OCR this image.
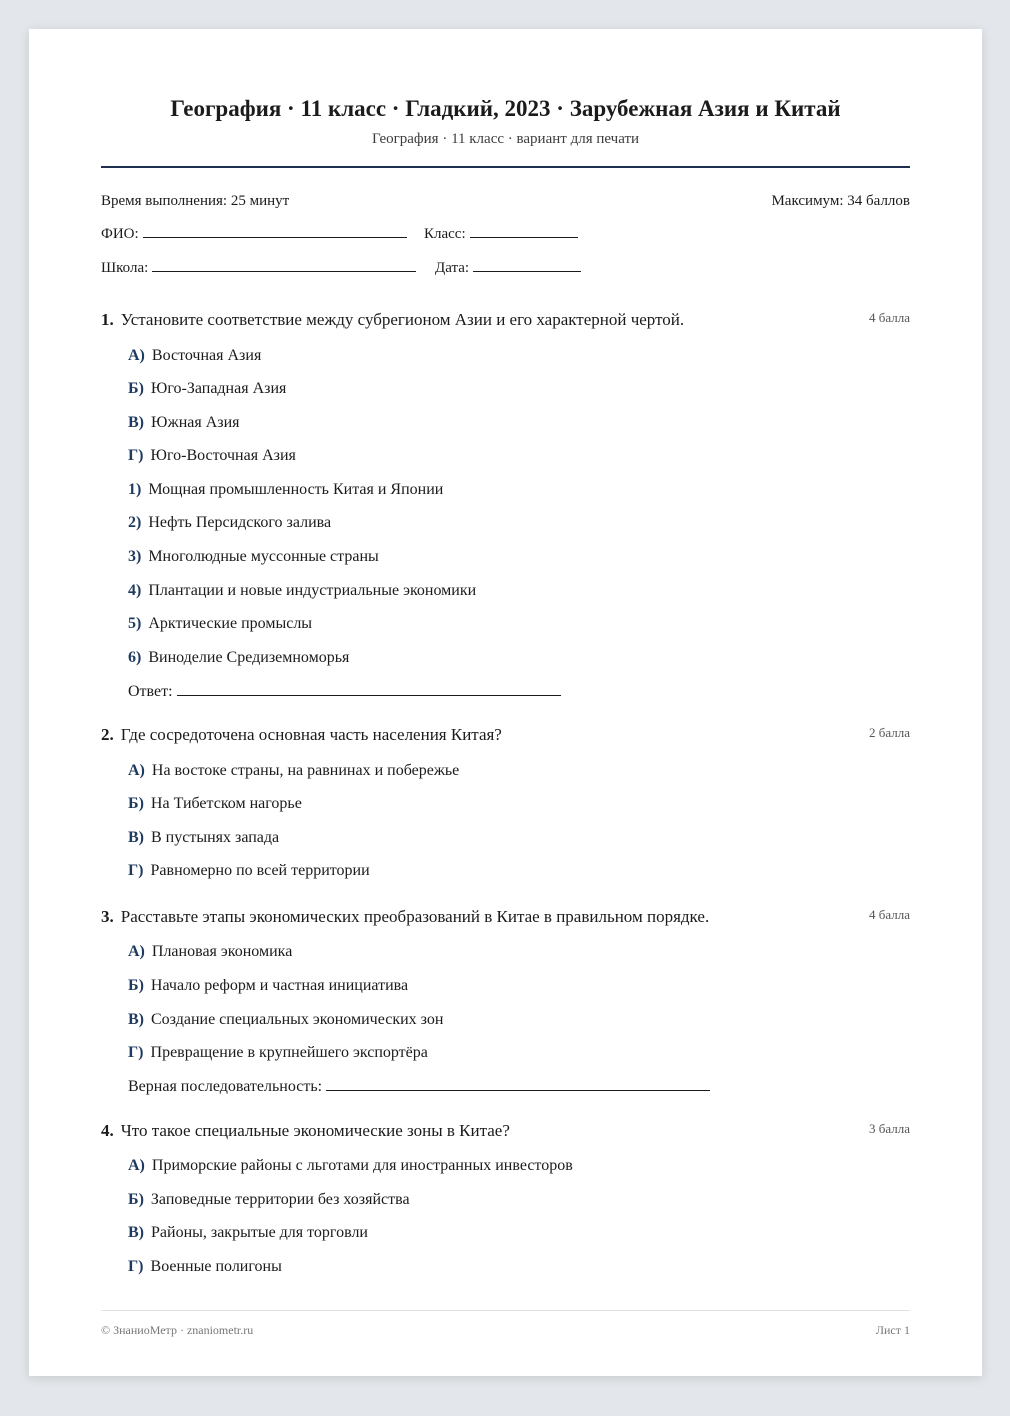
География · 11 класс · Гладкий, 2023 · Зарубежная Азия и Китай
География · 11 класс · вариант для печати
Время выполнения: 25 минут	Максимум: 34 баллов
ФИО:	Класс:
Школа:	Дата:
1. Установите соответствие между субрегионом Азии и его характерной чертой.	4 балла
А) Восточная Азия
Б) Юго-Западная Азия
В) Южная Азия
Г) Юго-Восточная Азия
1) Мощная промышленность Китая и Японии
2) Нефть Персидского залива
3) Многолюдные муссонные страны
4) Плантации и новые индустриальные экономики
5) Арктические промыслы
6) Виноделие Средиземноморья
Ответ:
2. Где сосредоточена основная часть населения Китая?	2 балла
А) На востоке страны, на равнинах и побережье
Б) На Тибетском нагорье
В) В пустынях запада
Г) Равномерно по всей территории
3. Расставьте этапы экономических преобразований в Китае в правильном порядке.	4 балла
А) Плановая экономика
Б) Начало реформ и частная инициатива
В) Создание специальных экономических зон
Г) Превращение в крупнейшего экспортёра
Верная последовательность:
4. Что такое специальные экономические зоны в Китае?	3 балла
А) Приморские районы с льготами для иностранных инвесторов
Б) Заповедные территории без хозяйства
В) Районы, закрытые для торговли
Г) Военные полигоны
© ЗнаниоМетр · znaniometr.ru	Лист 1
